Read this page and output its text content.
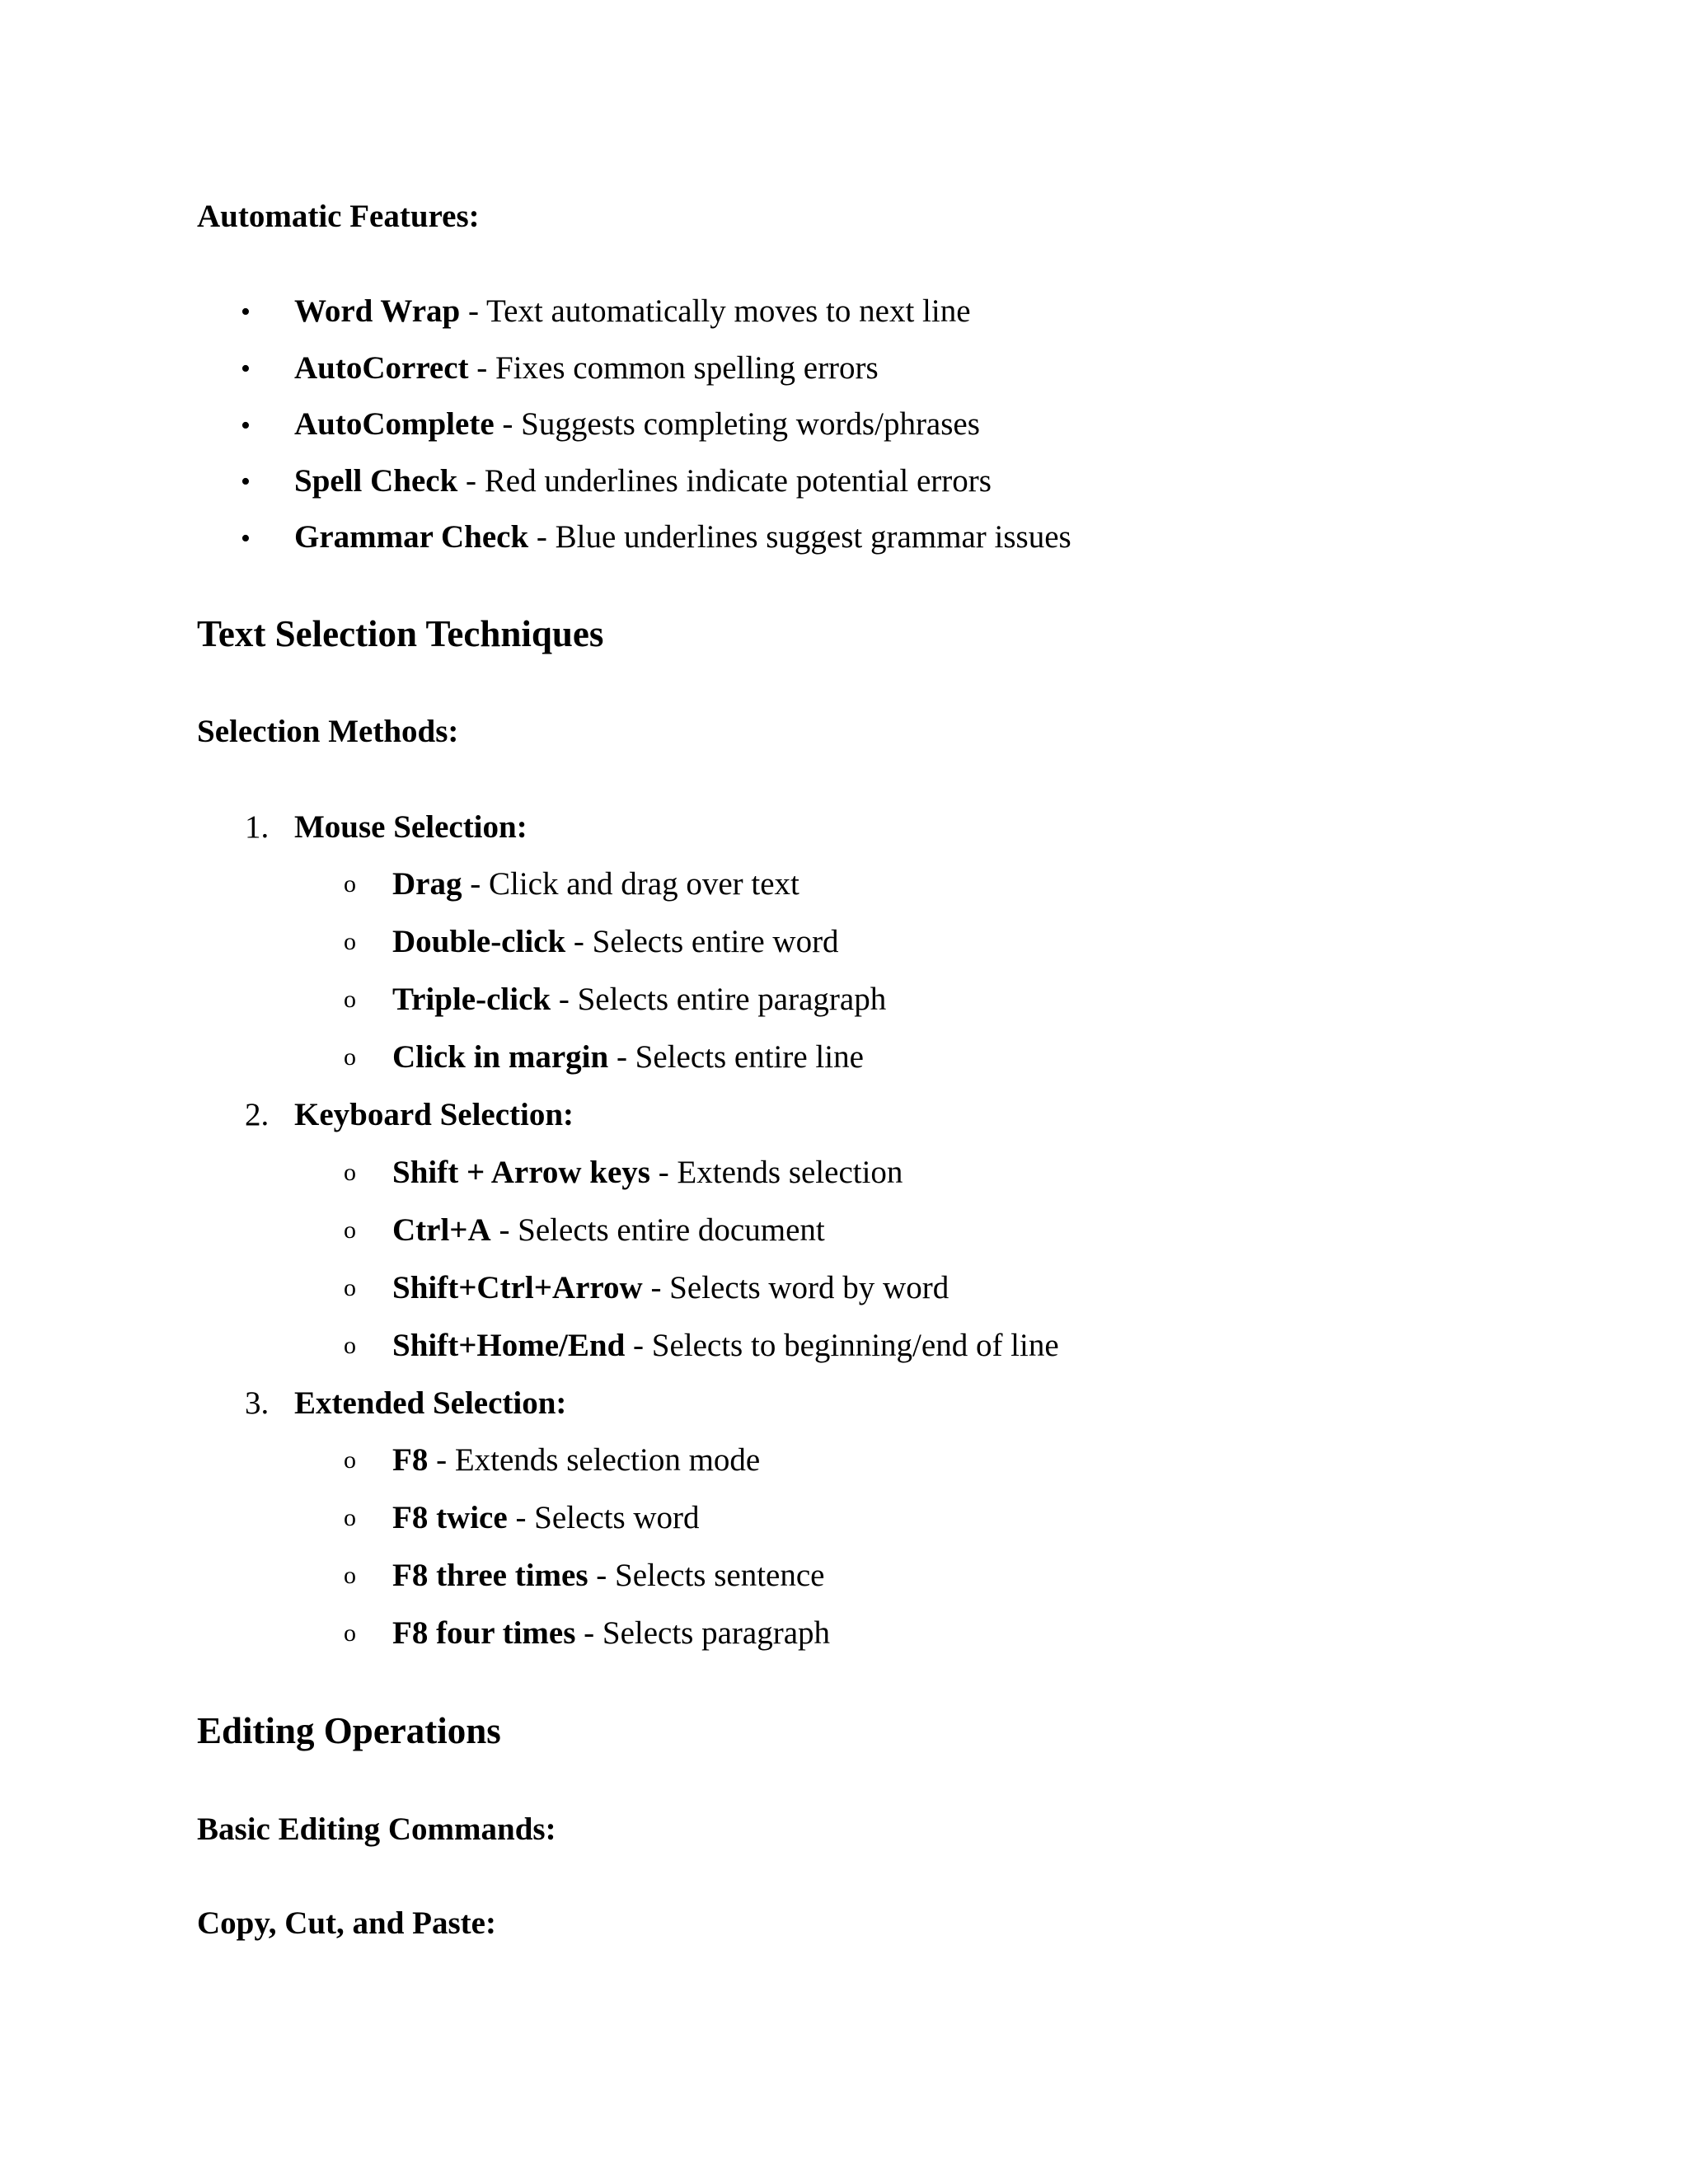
Automatic Features:
• Word Wrap - Text automatically moves to next line
• AutoCorrect - Fixes common spelling errors
• AutoComplete - Suggests completing words/phrases
• Spell Check - Red underlines indicate potential errors
• Grammar Check - Blue underlines suggest grammar issues
Text Selection Techniques
Selection Methods:
1. Mouse Selection:
o Drag - Click and drag over text
o Double-click - Selects entire word
o Triple-click - Selects entire paragraph
o Click in margin - Selects entire line
2. Keyboard Selection:
o Shift + Arrow keys - Extends selection
o Ctrl+A - Selects entire document
o Shift+Ctrl+Arrow - Selects word by word
o Shift+Home/End - Selects to beginning/end of line
3. Extended Selection:
o F8 - Extends selection mode
o F8 twice - Selects word
o F8 three times - Selects sentence
o F8 four times - Selects paragraph
Editing Operations
Basic Editing Commands:
Copy, Cut, and Paste:
